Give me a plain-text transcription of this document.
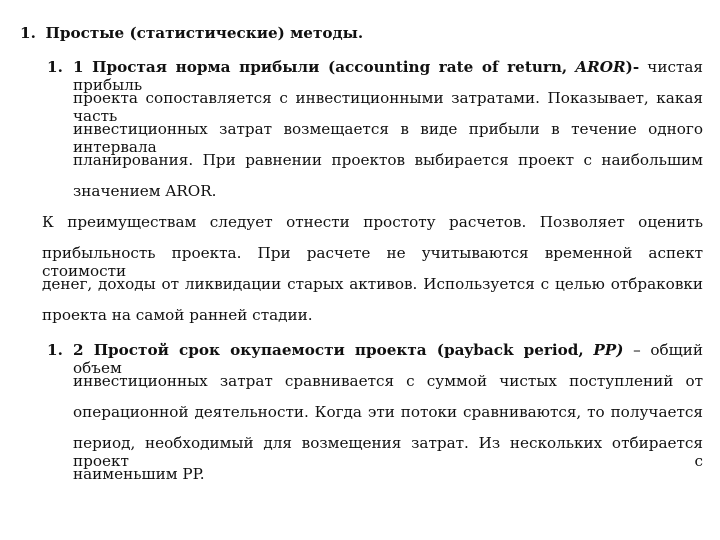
1. Простые (статистические) методы.

1. 1 Простая норма прибыли (accounting rate of return, AROR)- чистая прибыль

проекта сопоставляется с инвестиционными затратами. Показывает, какая часть

инвестиционных затрат возмещается в виде прибыли в течение одного интервала

планирования. При равнении проектов выбирается проект с наибольшим

значением AROR.

К преимуществам следует отнести простоту расчетов. Позволяет оценить

прибыльность проекта. При расчете не учитываются временной аспект стоимости

денег, доходы от ликвидации старых активов. Используется с целью отбраковки

проекта на самой ранней стадии.

1. 2 Простой срок окупаемости проекта (payback period, PP) – общий объем

инвестиционных затрат сравнивается с суммой чистых поступлений от

операционной деятельности. Когда эти потоки сравниваются, то получается

период, необходимый для возмещения затрат. Из нескольких отбирается проект с

наименьшим PP.
